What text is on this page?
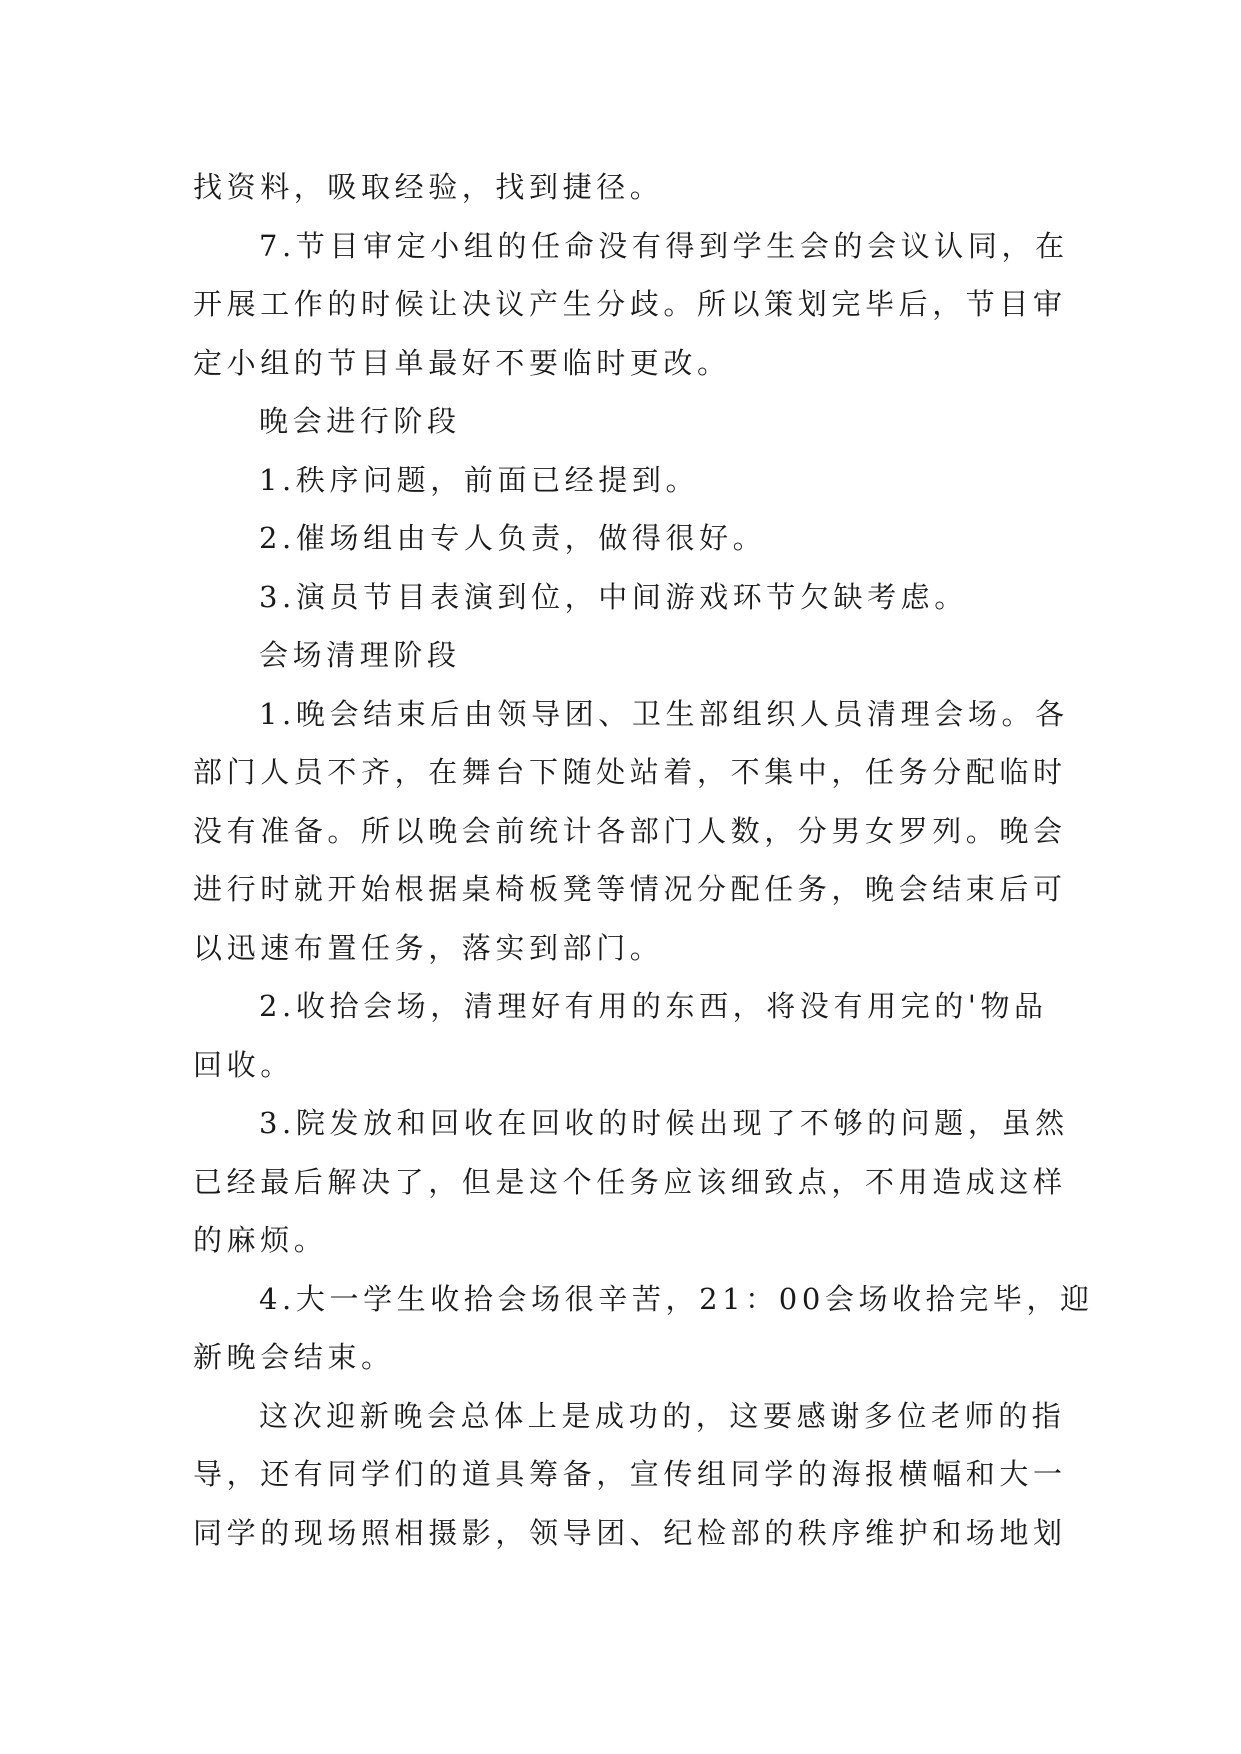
找资料，吸取经验，找到捷径。
7.节目审定小组的任命没有得到学生会的会议认同，在
开展工作的时候让决议产生分歧。所以策划完毕后，节目审
定小组的节目单最好不要临时更改。
晚会进行阶段
1.秩序问题，前面已经提到。
2.催场组由专人负责，做得很好。
3.演员节目表演到位，中间游戏环节欠缺考虑。
会场清理阶段
1.晚会结束后由领导团、卫生部组织人员清理会场。各
部门人员不齐，在舞台下随处站着，不集中，任务分配临时
没有准备。所以晚会前统计各部门人数，分男女罗列。晚会
进行时就开始根据桌椅板凳等情况分配任务，晚会结束后可
以迅速布置任务，落实到部门。
2.收拾会场，清理好有用的东西，将没有用完的'物品
回收。
3.院发放和回收在回收的时候出现了不够的问题，虽然
已经最后解决了，但是这个任务应该细致点，不用造成这样
的麻烦。
4.大一学生收拾会场很辛苦，21：00会场收拾完毕，迎
新晚会结束。
这次迎新晚会总体上是成功的，这要感谢多位老师的指
导，还有同学们的道具筹备，宣传组同学的海报横幅和大一
同学的现场照相摄影，领导团、纪检部的秩序维护和场地划
